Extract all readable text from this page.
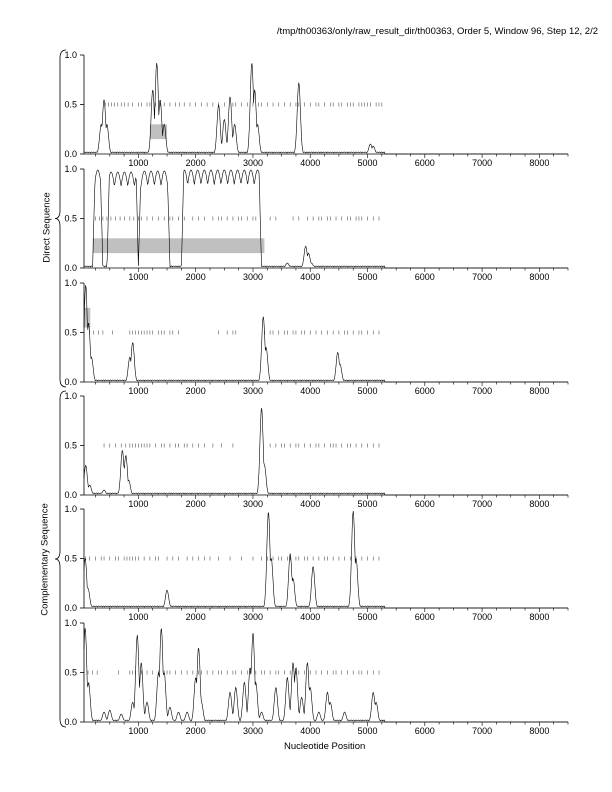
/tmp/th00363/only/raw_result_dir/th00363, Order 5, Window 96, Step 12, 2/2
Direct Sequence
Complementary Sequence
Nucleotide Position
0.0
0.5
1.0
1000	2000	3000	4000	5000	6000	7000	8000
0.0
0.5
1.0
1000	2000	3000	4000	5000	6000	7000	8000
0.0
0.5
1.0
1000	2000	3000	4000	5000	6000	7000	8000
0.0
0.5
1.0
1000	2000	3000	4000	5000	6000	7000	8000
0.0
0.5
1.0
1000	2000	3000	4000	5000	6000	7000	8000
0.0
0.5
1.0
1000	2000	3000	4000	5000	6000	7000	8000
